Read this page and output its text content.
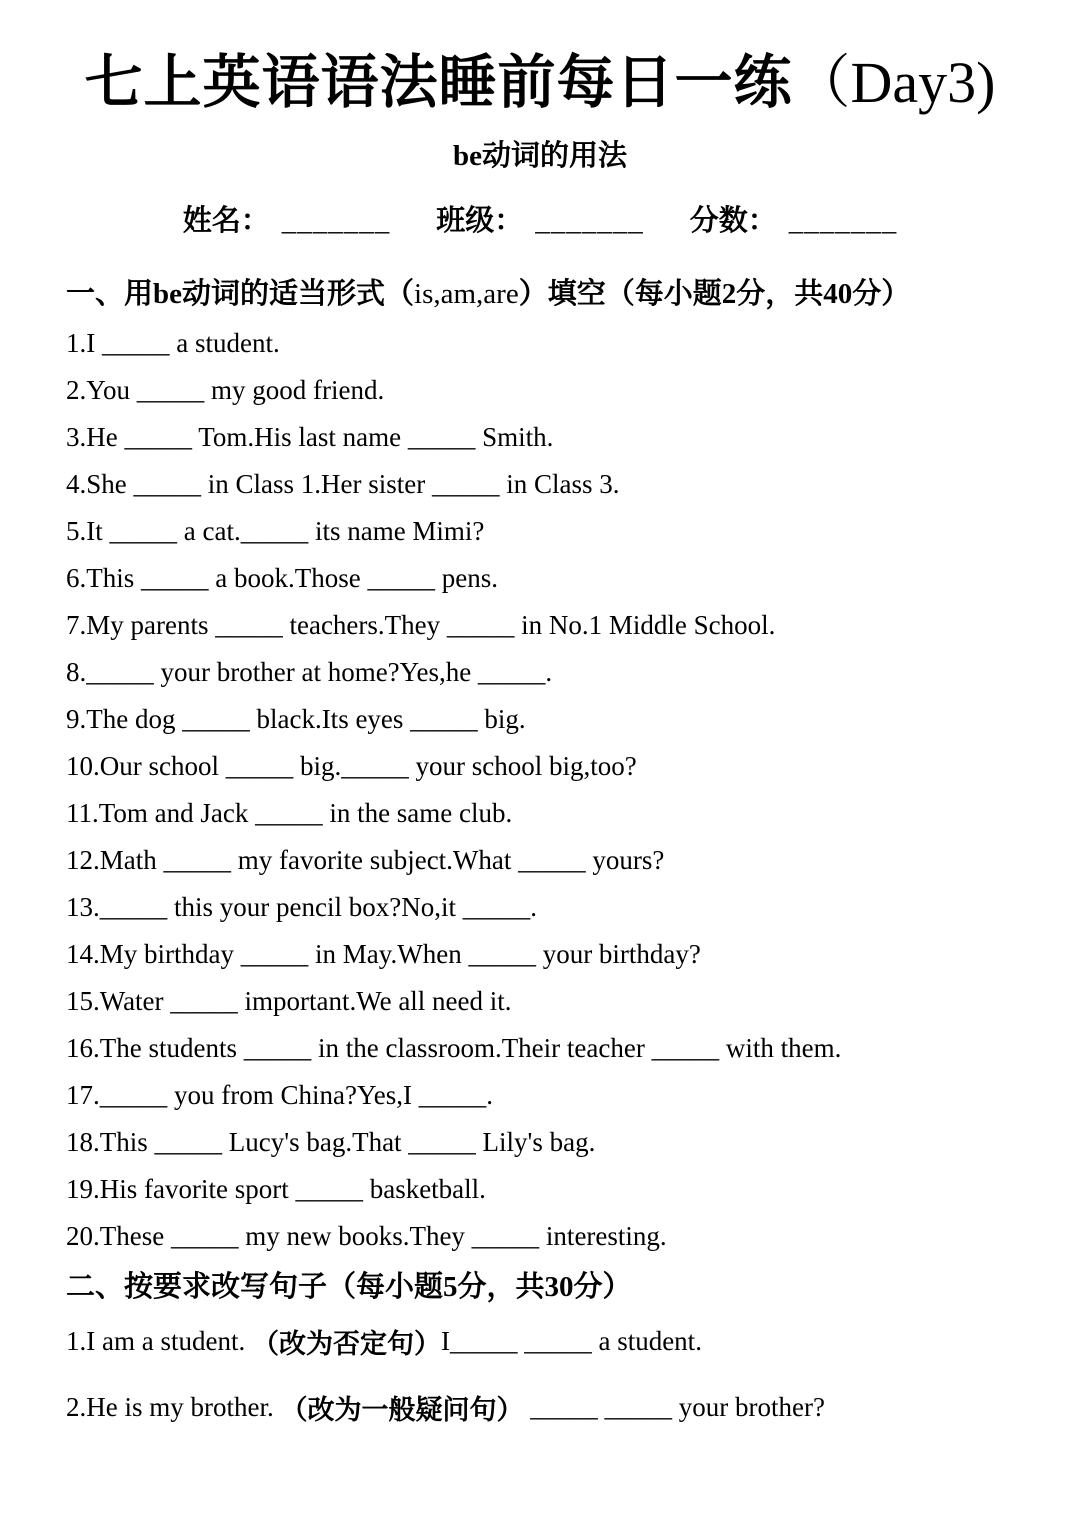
七上英语语法睡前每日一练（Day3)
be动词的用法
姓名： _______ 班级： _______ 分数： _______
一、用be动词的适当形式（is,am,are）填空（每小题2分，共40分）
1.I _____ a student.
2.You _____ my good friend.
3.He _____ Tom.His last name _____ Smith.
4.She _____ in Class 1.Her sister _____ in Class 3.
5.It _____ a cat._____ its name Mimi?
6.This _____ a book.Those _____ pens.
7.My parents _____ teachers.They _____ in No.1 Middle School.
8._____ your brother at home?Yes,he _____.
9.The dog _____ black.Its eyes _____ big.
10.Our school _____ big._____ your school big,too?
11.Tom and Jack _____ in the same club.
12.Math _____ my favorite subject.What _____ yours?
13._____ this your pencil box?No,it _____.
14.My birthday _____ in May.When _____ your birthday?
15.Water _____ important.We all need it.
16.The students _____ in the classroom.Their teacher _____ with them.
17._____ you from China?Yes,I _____.
18.This _____ Lucy's bag.That _____ Lily's bag.
19.His favorite sport _____ basketball.
20.These _____ my new books.They _____ interesting.
二、按要求改写句子（每小题5分，共30分）
1.I am a student. （改为否定句） I_____ _____ a student.
2.He is my brother. （改为一般疑问句） _____ _____ your brother?
